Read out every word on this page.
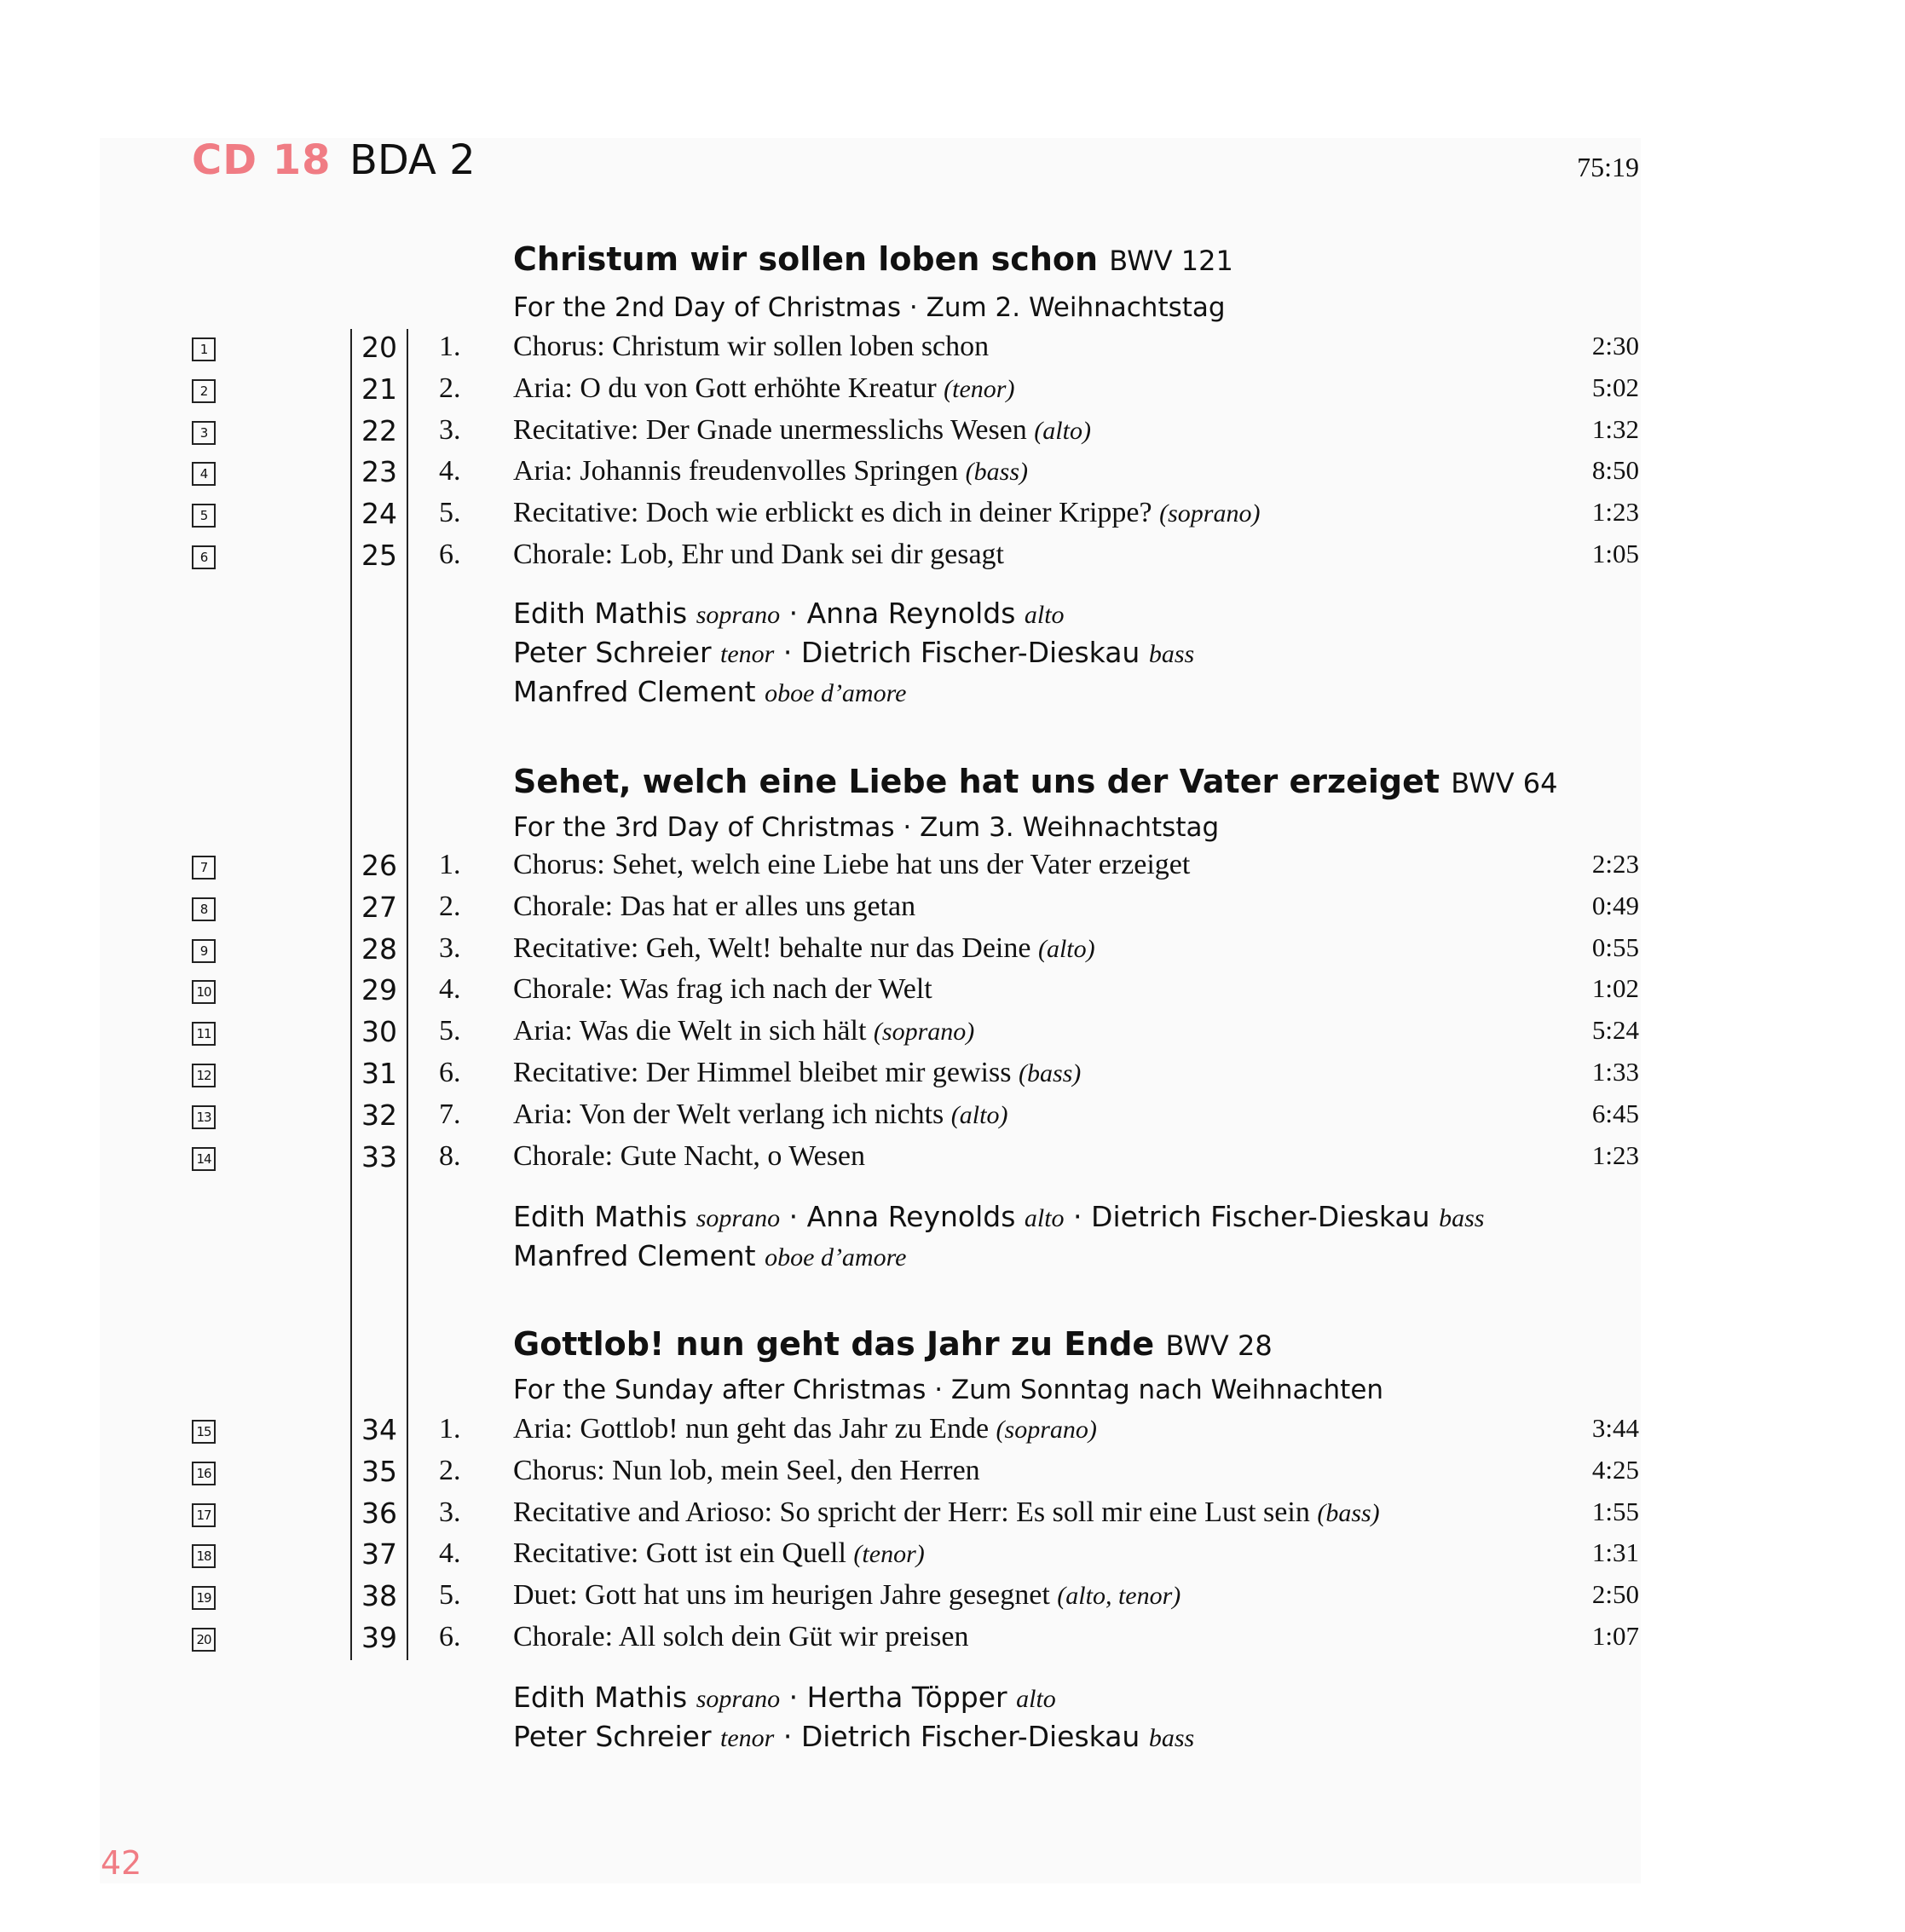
CD 18 BDA 2	75:19
Christum wir sollen loben schon BWV 121
For the 2nd Day of Christmas · Zum 2. Weihnachtstag
1	20 1. Chorus: Christum wir sollen loben schon	2:30
2	21 2. Aria: O du von Gott erhöhte Kreatur (tenor)	5:02
3	22 3. Recitative: Der Gnade unermesslichs Wesen (alto)	1:32
4	23 4. Aria: Johannis freudenvolles Springen (bass)	8:50
5	24 5. Recitative: Doch wie erblickt es dich in deiner Krippe? (soprano)	1:23
6	25 6. Chorale: Lob, Ehr und Dank sei dir gesagt	1:05
Edith Mathis soprano · Anna Reynolds alto
Peter Schreier tenor · Dietrich Fischer-Dieskau bass
Manfred Clement oboe d’amore
Sehet, welch eine Liebe hat uns der Vater erzeiget BWV 64
For the 3rd Day of Christmas · Zum 3. Weihnachtstag
7	26 1. Chorus: Sehet, welch eine Liebe hat uns der Vater erzeiget	2:23
8	27 2. Chorale: Das hat er alles uns getan	0:49
9	28 3. Recitative: Geh, Welt! behalte nur das Deine (alto)	0:55
10	29 4. Chorale: Was frag ich nach der Welt	1:02
11	30 5. Aria: Was die Welt in sich hält (soprano)	5:24
12	31 6. Recitative: Der Himmel bleibet mir gewiss (bass)	1:33
13	32 7. Aria: Von der Welt verlang ich nichts (alto)	6:45
14	33 8. Chorale: Gute Nacht, o Wesen	1:23
Edith Mathis soprano · Anna Reynolds alto · Dietrich Fischer-Dieskau bass
Manfred Clement oboe d’amore
Gottlob! nun geht das Jahr zu Ende BWV 28
For the Sunday after Christmas · Zum Sonntag nach Weihnachten
15	34 1. Aria: Gottlob! nun geht das Jahr zu Ende (soprano)	3:44
16	35 2. Chorus: Nun lob, mein Seel, den Herren	4:25
17	36 3. Recitative and Arioso: So spricht der Herr: Es soll mir eine Lust sein (bass)	1:55
18	37 4. Recitative: Gott ist ein Quell (tenor)	1:31
19	38 5. Duet: Gott hat uns im heurigen Jahre gesegnet (alto, tenor)	2:50
20	39 6. Chorale: All solch dein Güt wir preisen	1:07
Edith Mathis soprano · Hertha Töpper alto
Peter Schreier tenor · Dietrich Fischer-Dieskau bass
42
